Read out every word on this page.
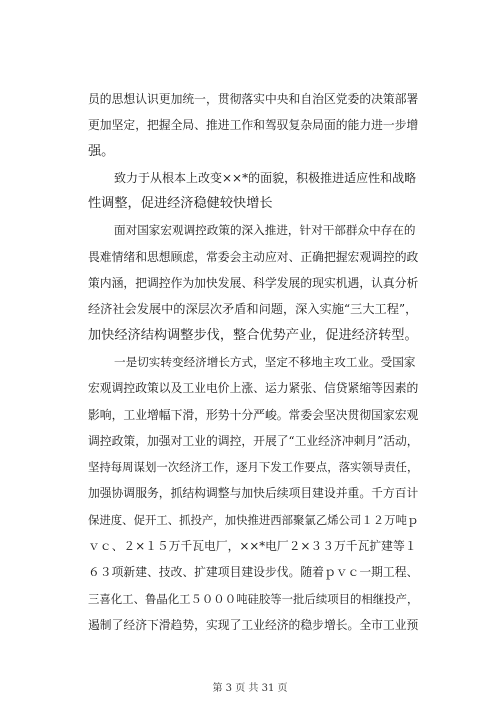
员的思想认识更加统一，贯彻落实中央和自治区党委的决策部署
更加坚定，把握全局、推进工作和驾驭复杂局面的能力进一步增
强。
致力于从根本上改变××*的面貌，积极推进适应性和战略
性调整，促进经济稳健较快增长
面对国家宏观调控政策的深入推进，针对干部群众中存在的
畏难情绪和思想顾虑，常委会主动应对、正确把握宏观调控的政
策内涵，把调控作为加快发展、科学发展的现实机遇，认真分析
经济社会发展中的深层次矛盾和问题，深入实施“三大工程”，
加快经济结构调整步伐，整合优势产业，促进经济转型。
一是切实转变经济增长方式，坚定不移地主攻工业。受国家
宏观调控政策以及工业电价上涨、运力紧张、信贷紧缩等因素的
影响，工业增幅下滑，形势十分严峻。常委会坚决贯彻国家宏观
调控政策，加强对工业的调控，开展了“工业经济冲刺月”活动，
坚持每周谋划一次经济工作，逐月下发工作要点，落实领导责任，
加强协调服务，抓结构调整与加快后续项目建设并重。千方百计
保进度、促开工、抓投产，加快推进西部聚氯乙烯公司１２万吨ｐ
ｖｃ、２×１５万千瓦电厂，××*电厂２×３３万千瓦扩建等１
６３项新建、技改、扩建项目建设步伐。随着ｐｖｃ一期工程、
三喜化工、鲁晶化工５０００吨硅胶等一批后续项目的相继投产，
遏制了经济下滑趋势，实现了工业经济的稳步增长。全市工业预
第 3 页 共 31 页
